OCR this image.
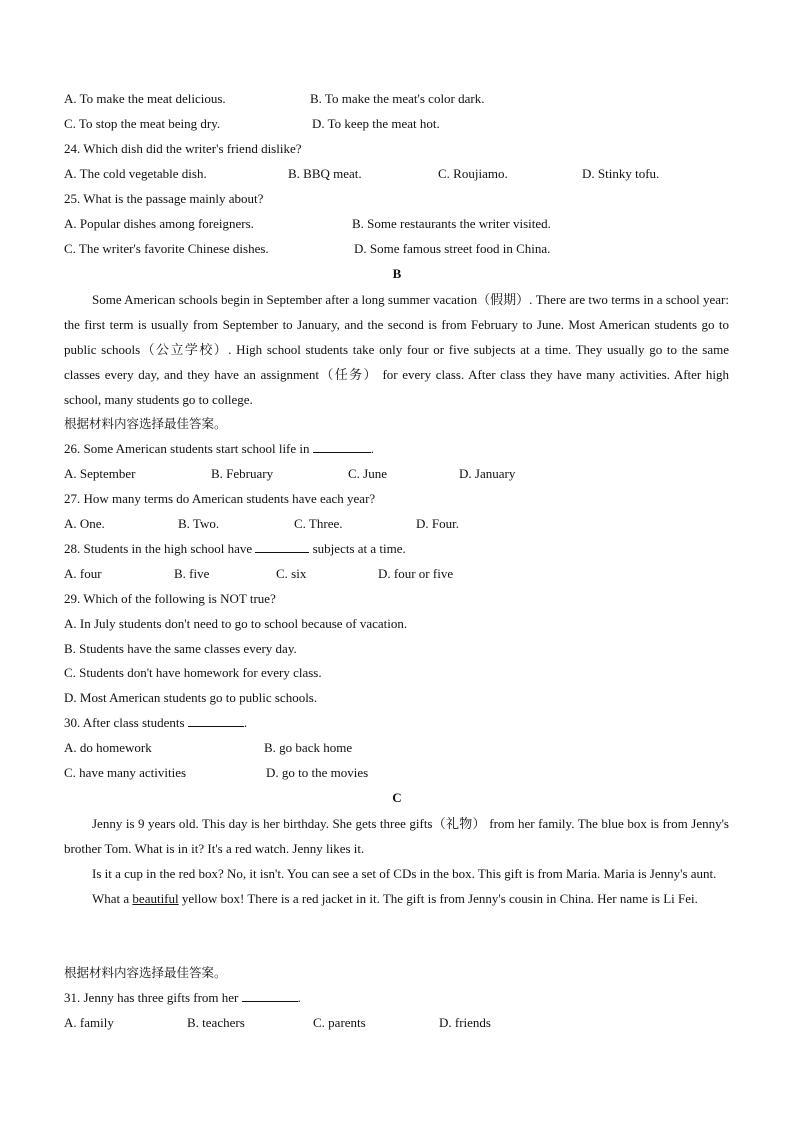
A. To make the meat delicious.	B. To make the meat's color dark.
C. To stop the meat being dry.	D. To keep the meat hot.
24. Which dish did the writer's friend dislike?
A. The cold vegetable dish.	B. BBQ meat.	C. Roujiamo.	D. Stinky tofu.
25. What is the passage mainly about?
A. Popular dishes among foreigners.	B. Some restaurants the writer visited.
C. The writer's favorite Chinese dishes.	D. Some famous street food in China.
B

Some American schools begin in September after a long summer vacation（假期）. There are two terms in a school year: the first term is usually from September to January, and the second is from February to June. Most American students go to public schools（公立学校）. High school students take only four or five subjects at a time. They usually go to the same classes every day, and they have an assignment（任务） for every class. After class they have many activities. After high school, many students go to college.

根据材料内容选择最佳答案。
26. Some American students start school life in	.
A. September	B. February	C. June	D. January
27. How many terms do American students have each year?
A. One.	B. Two.	C. Three.	D. Four.
28. Students in the high school have	subjects at a time.
A. four	B. five	C. six	D. four or five
29. Which of the following is NOT true?
A. In July students don't need to go to school because of vacation.
B. Students have the same classes every day.
C. Students don't have homework for every class.
D. Most American students go to public schools.
30. After class students	.
A. do homework	B. go back home
C. have many activities	D. go to the movies
C

Jenny is 9 years old. This day is her birthday. She gets three gifts（礼物） from her family. The blue box is from Jenny's brother Tom. What is in it? It's a red watch. Jenny likes it.

Is it a cup in the red box? No, it isn't. You can see a set of CDs in the box. This gift is from Maria. Maria is Jenny's aunt.

What a beautiful yellow box! There is a red jacket in it. The gift is from Jenny's cousin in China. Her name is Li Fei.

根据材料内容选择最佳答案。
31. Jenny has three gifts from her	.
A. family	B. teachers	C. parents	D. friends
